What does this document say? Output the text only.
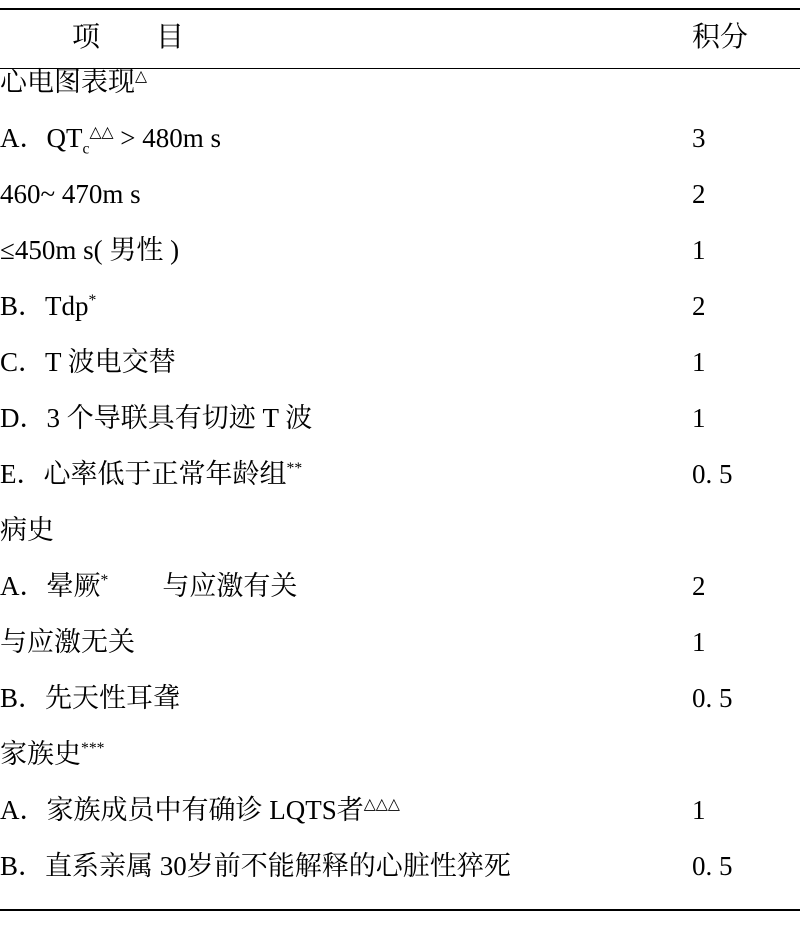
项　　目	积分
心电图表现△	
A．$QT_c^{\triangle\triangle} > 480m$ s	3
460~ 470m s	2
≤450m s( 男性 )	1
B．Tdp*	2
C．T 波电交替	1
D．3 个导联具有切迹 T 波	1
E．心率低于正常年龄组**	0. 5
病史	
A．晕厥*　　与应激有关	2
与应激无关	1
B．先天性耳聋	0. 5
家族史***	
A．家族成员中有确诊 LQTS者△△△	1
B．直系亲属 30岁前不能解释的心脏性猝死	0. 5
